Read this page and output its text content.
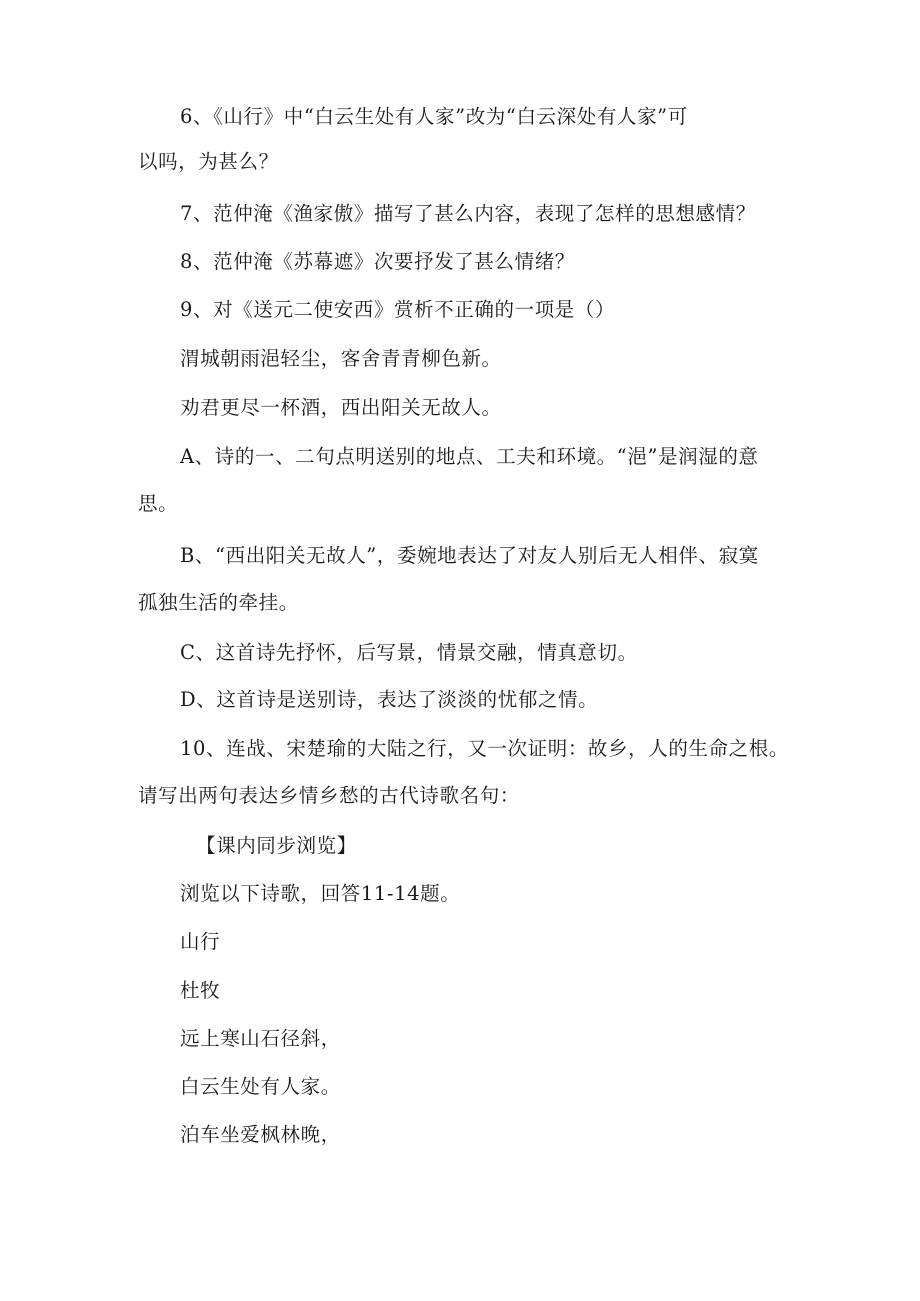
6、《山行》中“白云生处有人家”改为“白云深处有人家”可
以吗，为甚么？
7、范仲淹《渔家傲》描写了甚么内容，表现了怎样的思想感情？
8、范仲淹《苏幕遮》次要抒发了甚么情绪？
9、对《送元二使安西》赏析不正确的一项是（）
渭城朝雨浥轻尘，客舍青青柳色新。
劝君更尽一杯酒，西出阳关无故人。
A、诗的一、二句点明送别的地点、工夫和环境。“浥”是润湿的意
思。
B、“西出阳关无故人”，委婉地表达了对友人别后无人相伴、寂寞
孤独生活的牵挂。
C、这首诗先抒怀，后写景，情景交融，情真意切。
D、这首诗是送别诗，表达了淡淡的忧郁之情。
10、连战、宋楚瑜的大陆之行，又一次证明：故乡，人的生命之根。
请写出两句表达乡情乡愁的古代诗歌名句：
【课内同步浏览】
浏览以下诗歌，回答11-14题。
山行
杜牧
远上寒山石径斜，
白云生处有人家。
泊车坐爱枫林晚，
